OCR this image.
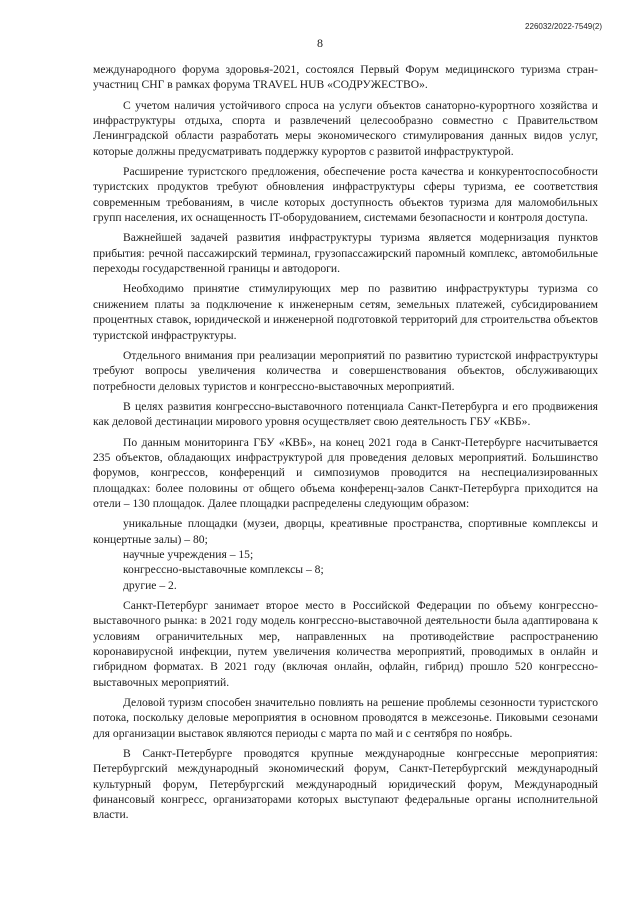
226032/2022-7549(2)
8

международного форума здоровья-2021, состоялся Первый Форум медицинского туризма стран-участниц СНГ в рамках форума TRAVEL HUB «СОДРУЖЕСТВО».

С учетом наличия устойчивого спроса на услуги объектов санаторно-курортного хозяйства и инфраструктуры отдыха, спорта и развлечений целесообразно совместно с Правительством Ленинградской области разработать меры экономического стимулирования данных видов услуг, которые должны предусматривать поддержку курортов с развитой инфраструктурой.

Расширение туристского предложения, обеспечение роста качества и конкурентоспособности туристских продуктов требуют обновления инфраструктуры сферы туризма, ее соответствия современным требованиям, в числе которых доступность объектов туризма для маломобильных групп населения, их оснащенность IT-оборудованием, системами безопасности и контроля доступа.

Важнейшей задачей развития инфраструктуры туризма является модернизация пунктов прибытия: речной пассажирский терминал, грузопассажирский паромный комплекс, автомобильные переходы государственной границы и автодороги.

Необходимо принятие стимулирующих мер по развитию инфраструктуры туризма со снижением платы за подключение к инженерным сетям, земельных платежей, субсидированием процентных ставок, юридической и инженерной подготовкой территорий для строительства объектов туристской инфраструктуры.

Отдельного внимания при реализации мероприятий по развитию туристской инфраструктуры требуют вопросы увеличения количества и совершенствования объектов, обслуживающих потребности деловых туристов и конгрессно-выставочных мероприятий.

В целях развития конгрессно-выставочного потенциала Санкт-Петербурга и его продвижения как деловой дестинации мирового уровня осуществляет свою деятельность ГБУ «КВБ».

По данным мониторинга ГБУ «КВБ», на конец 2021 года в Санкт-Петербурге насчитывается 235 объектов, обладающих инфраструктурой для проведения деловых мероприятий. Большинство форумов, конгрессов, конференций и симпозиумов проводится на неспециализированных площадках: более половины от общего объема конференц-залов Санкт-Петербурга приходится на отели – 130 площадок. Далее площадки распределены следующим образом:

уникальные площадки (музеи, дворцы, креативные пространства, спортивные комплексы и концертные залы) – 80;
научные учреждения – 15;
конгрессно-выставочные комплексы – 8;
другие – 2.

Санкт-Петербург занимает второе место в Российской Федерации по объему конгрессно-выставочного рынка: в 2021 году модель конгрессно-выставочной деятельности была адаптирована к условиям ограничительных мер, направленных на противодействие распространению коронавирусной инфекции, путем увеличения количества мероприятий, проводимых в онлайн и гибридном форматах. В 2021 году (включая онлайн, офлайн, гибрид) прошло 520 конгрессно-выставочных мероприятий.

Деловой туризм способен значительно повлиять на решение проблемы сезонности туристского потока, поскольку деловые мероприятия в основном проводятся в межсезонье. Пиковыми сезонами для организации выставок являются периоды с марта по май и с сентября по ноябрь.

В Санкт-Петербурге проводятся крупные международные конгрессные мероприятия: Петербургский международный экономический форум, Санкт-Петербургский международный культурный форум, Петербургский международный юридический форум, Международный финансовый конгресс, организаторами которых выступают федеральные органы исполнительной власти.
